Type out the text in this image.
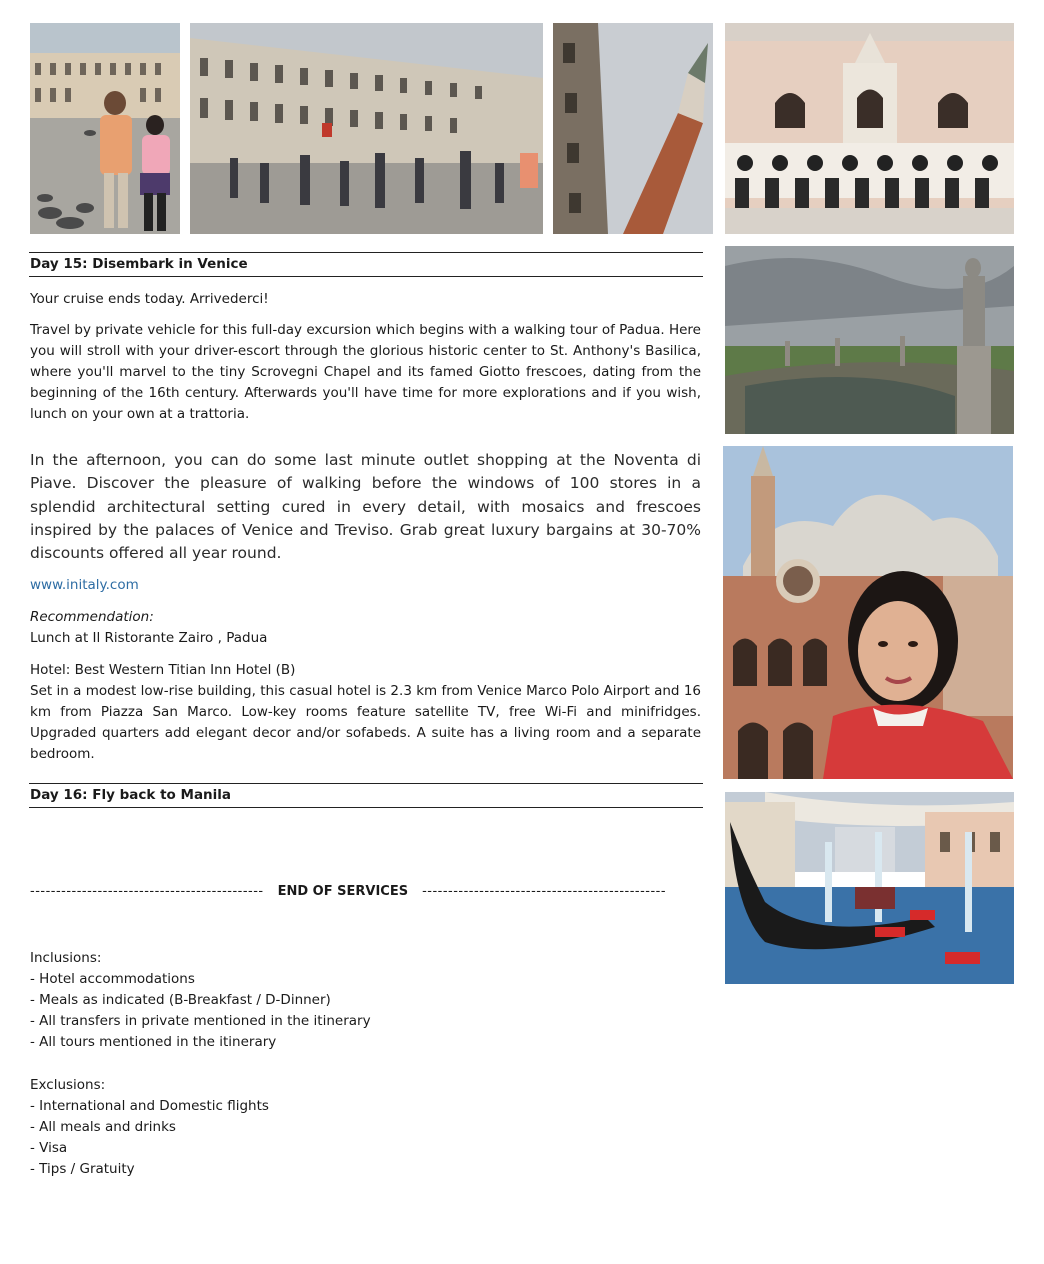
Day 15: Disembark in Venice
Your cruise ends today. Arrivederci!
Travel by private vehicle for this full-day excursion which begins with a walking tour of Padua. Here you will stroll with your driver-escort through the glorious historic center to St. Anthony's Basilica, where you'll marvel to the tiny Scrovegni Chapel and its famed Giotto frescoes, dating from the beginning of the 16th century. Afterwards you'll have time for more explorations and if you wish, lunch on your own at a trattoria.
In the afternoon, you can do some last minute outlet shopping at the Noventa di Piave. Discover the pleasure of walking before the windows of 100 stores in a splendid architectural setting cured in every detail, with mosaics and frescoes inspired by the palaces of Venice and Treviso. Grab great luxury bargains at 30-70% discounts offered all year round.
www.initaly.com
Recommendation:
Lunch at Il Ristorante Zairo , Padua
Hotel: Best Western Titian Inn Hotel (B)
Set in a modest low-rise building, this casual hotel is 2.3 km from Venice Marco Polo Airport and 16 km from Piazza San Marco. Low-key rooms feature satellite TV, free Wi-Fi and minifridges. Upgraded quarters add elegant decor and/or sofabeds. A suite has a living room and a separate bedroom.
Day 16: Fly back to Manila
--------------------------------------------- END OF SERVICES -----------------------------------------------
Inclusions:
- Hotel accommodations
- Meals as indicated (B-Breakfast / D-Dinner)
- All transfers in private mentioned in the itinerary
- All tours mentioned in the itinerary
Exclusions:
- International and Domestic flights
- All meals and drinks
- Visa
- Tips / Gratuity
